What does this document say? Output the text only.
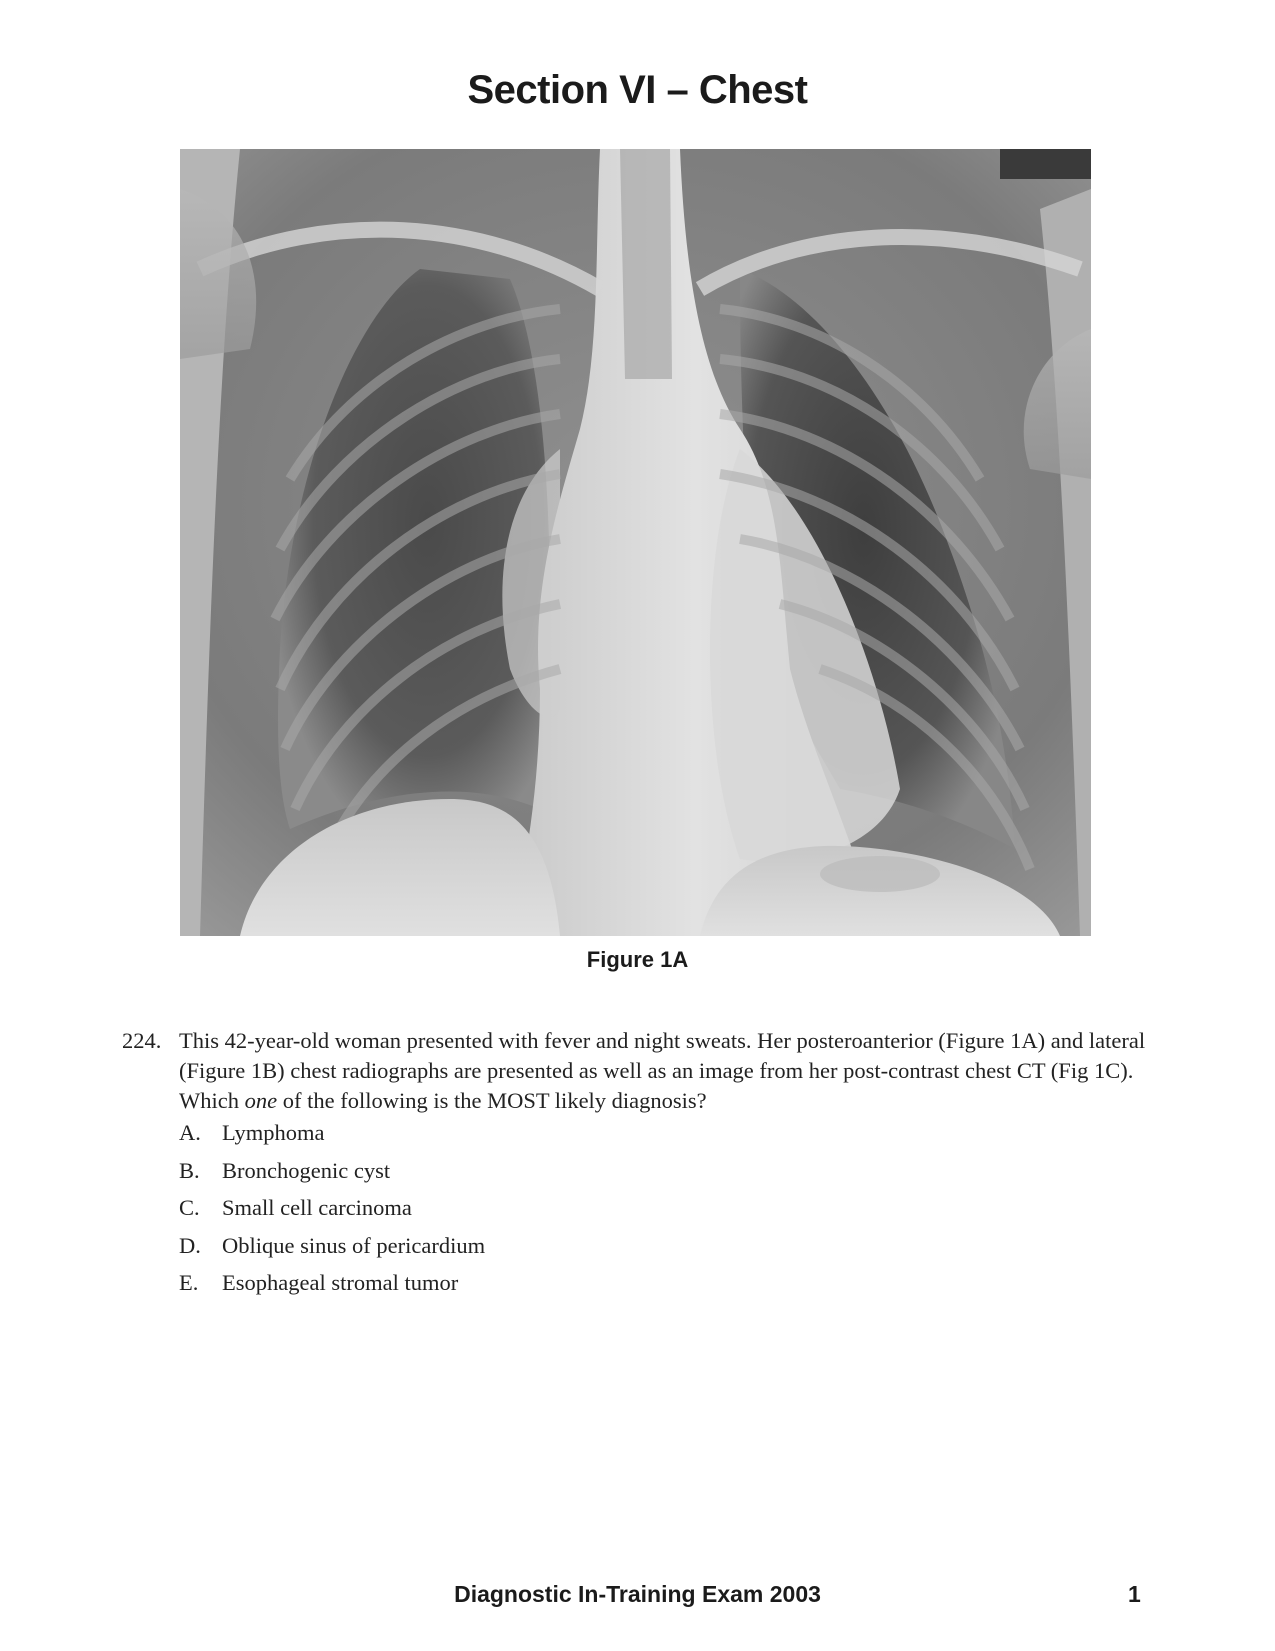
Section VI – Chest
Figure 1A
224. This 42-year-old woman presented with fever and night sweats. Her posteroanterior (Figure 1A) and lateral (Figure 1B) chest radiographs are presented as well as an image from her post-contrast chest CT (Fig 1C). Which one of the following is the MOST likely diagnosis?
A. Lymphoma
B. Bronchogenic cyst
C. Small cell carcinoma
D. Oblique sinus of pericardium
E.	Esophageal stromal tumor
Diagnostic In-Training Exam 2003	1
